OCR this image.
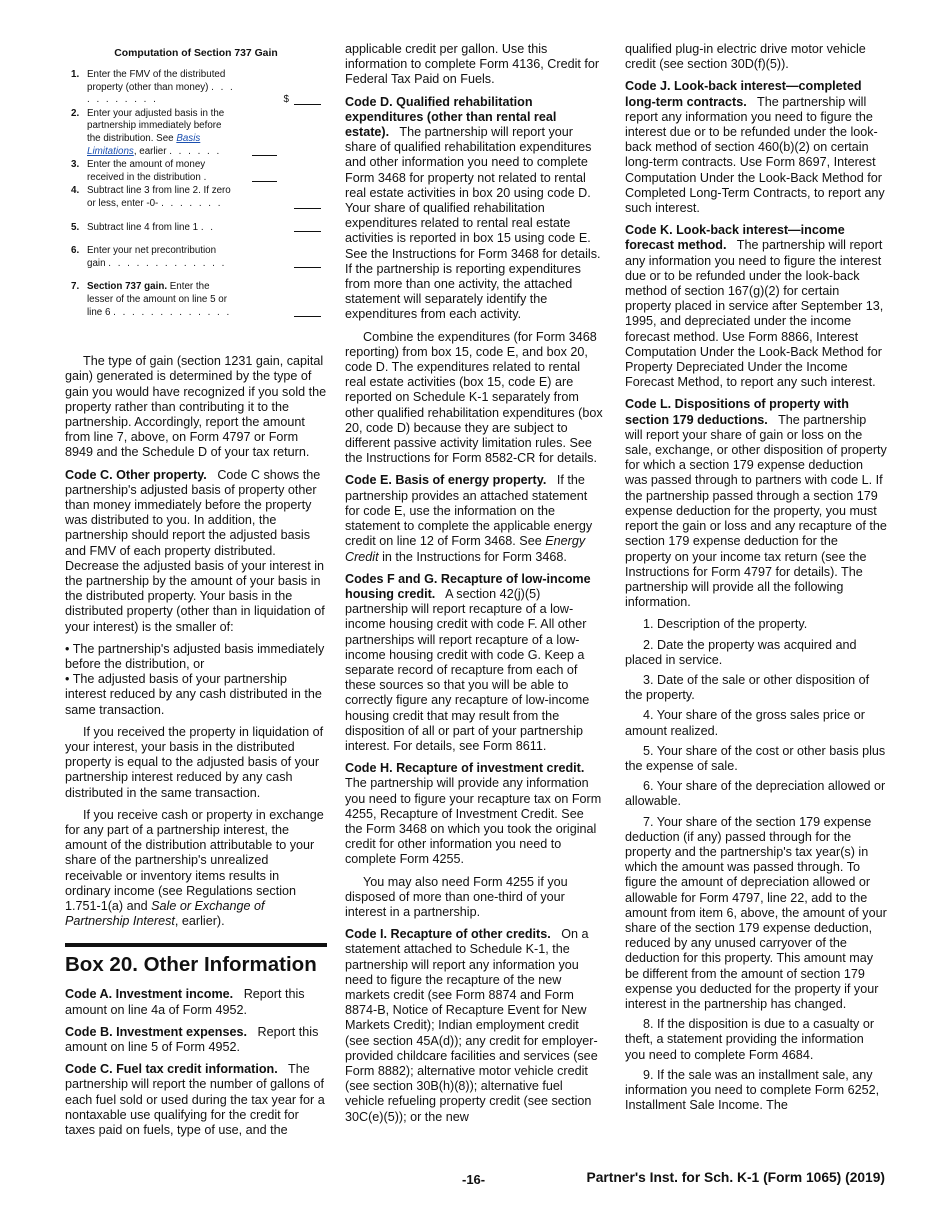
Computation of Section 737 Gain
1. Enter the FMV of the distributed property (other than money) . . . . . . . . . . .	$
2. Enter your adjusted basis in the partnership immediately before the distribution. See Basis Limitations, earlier . . . . . .
3. Enter the amount of money received in the distribution .
4. Subtract line 3 from line 2. If zero or less, enter -0- . . . . . . .
5. Subtract line 4 from line 1 . .
6. Enter your net precontribution gain . . . . . . . . . . . . .
7. Section 737 gain. Enter the lesser of the amount on line 5 or line 6 . . . . . . . . . . . . .

The type of gain (section 1231 gain, capital gain) generated is determined by the type of gain you would have recognized if you sold the property rather than contributing it to the partnership. Accordingly, report the amount from line 7, above, on Form 4797 or Form 8949 and the Schedule D of your tax return.

Code C. Other property. Code C shows the partnership's adjusted basis of property other than money immediately before the property was distributed to you. In addition, the partnership should report the adjusted basis and FMV of each property distributed. Decrease the adjusted basis of your interest in the partnership by the amount of your basis in the distributed property. Your basis in the distributed property (other than in liquidation of your interest) is the smaller of:

• The partnership's adjusted basis immediately before the distribution, or
• The adjusted basis of your partnership interest reduced by any cash distributed in the same transaction.

If you received the property in liquidation of your interest, your basis in the distributed property is equal to the adjusted basis of your partnership interest reduced by any cash distributed in the same transaction.

If you receive cash or property in exchange for any part of a partnership interest, the amount of the distribution attributable to your share of the partnership's unrealized receivable or inventory items results in ordinary income (see Regulations section 1.751-1(a) and Sale or Exchange of Partnership Interest, earlier).

Box 20. Other Information

Code A. Investment income. Report this amount on line 4a of Form 4952.

Code B. Investment expenses. Report this amount on line 5 of Form 4952.

Code C. Fuel tax credit information. The partnership will report the number of gallons of each fuel sold or used during the tax year for a nontaxable use qualifying for the credit for taxes paid on fuels, type of use, and the

applicable credit per gallon. Use this information to complete Form 4136, Credit for Federal Tax Paid on Fuels.

Code D. Qualified rehabilitation expenditures (other than rental real estate). The partnership will report your share of qualified rehabilitation expenditures and other information you need to complete Form 3468 for property not related to rental real estate activities in box 20 using code D. Your share of qualified rehabilitation expenditures related to rental real estate activities is reported in box 15 using code E. See the Instructions for Form 3468 for details. If the partnership is reporting expenditures from more than one activity, the attached statement will separately identify the expenditures from each activity.

Combine the expenditures (for Form 3468 reporting) from box 15, code E, and box 20, code D. The expenditures related to rental real estate activities (box 15, code E) are reported on Schedule K-1 separately from other qualified rehabilitation expenditures (box 20, code D) because they are subject to different passive activity limitation rules. See the Instructions for Form 8582-CR for details.

Code E. Basis of energy property. If the partnership provides an attached statement for code E, use the information on the statement to complete the applicable energy credit on line 12 of Form 3468. See Energy Credit in the Instructions for Form 3468.

Codes F and G. Recapture of low-income housing credit. A section 42(j)(5) partnership will report recapture of a low-income housing credit with code F. All other partnerships will report recapture of a low-income housing credit with code G. Keep a separate record of recapture from each of these sources so that you will be able to correctly figure any recapture of low-income housing credit that may result from the disposition of all or part of your partnership interest. For details, see Form 8611.

Code H. Recapture of investment credit. The partnership will provide any information you need to figure your recapture tax on Form 4255, Recapture of Investment Credit. See the Form 3468 on which you took the original credit for other information you need to complete Form 4255.

You may also need Form 4255 if you disposed of more than one-third of your interest in a partnership.

Code I. Recapture of other credits. On a statement attached to Schedule K-1, the partnership will report any information you need to figure the recapture of the new markets credit (see Form 8874 and Form 8874-B, Notice of Recapture Event for New Markets Credit); Indian employment credit (see section 45A(d)); any credit for employer-provided childcare facilities and services (see Form 8882); alternative motor vehicle credit (see section 30B(h)(8)); alternative fuel vehicle refueling property credit (see section 30C(e)(5)); or the new

qualified plug-in electric drive motor vehicle credit (see section 30D(f)(5)).

Code J. Look-back interest—completed long-term contracts. The partnership will report any information you need to figure the interest due or to be refunded under the look-back method of section 460(b)(2) on certain long-term contracts. Use Form 8697, Interest Computation Under the Look-Back Method for Completed Long-Term Contracts, to report any such interest.

Code K. Look-back interest—income forecast method. The partnership will report any information you need to figure the interest due or to be refunded under the look-back method of section 167(g)(2) for certain property placed in service after September 13, 1995, and depreciated under the income forecast method. Use Form 8866, Interest Computation Under the Look-Back Method for Property Depreciated Under the Income Forecast Method, to report any such interest.

Code L. Dispositions of property with section 179 deductions. The partnership will report your share of gain or loss on the sale, exchange, or other disposition of property for which a section 179 expense deduction was passed through to partners with code L. If the partnership passed through a section 179 expense deduction for the property, you must report the gain or loss and any recapture of the section 179 expense deduction for the property on your income tax return (see the Instructions for Form 4797 for details). The partnership will provide all the following information.

1. Description of the property.

2. Date the property was acquired and placed in service.

3. Date of the sale or other disposition of the property.

4. Your share of the gross sales price or amount realized.

5. Your share of the cost or other basis plus the expense of sale.

6. Your share of the depreciation allowed or allowable.

7. Your share of the section 179 expense deduction (if any) passed through for the property and the partnership's tax year(s) in which the amount was passed through. To figure the amount of depreciation allowed or allowable for Form 4797, line 22, add to the amount from item 6, above, the amount of your share of the section 179 expense deduction, reduced by any unused carryover of the deduction for this property. This amount may be different from the amount of section 179 expense you deducted for the property if your interest in the partnership has changed.

8. If the disposition is due to a casualty or theft, a statement providing the information you need to complete Form 4684.

9. If the sale was an installment sale, any information you need to complete Form 6252, Installment Sale Income. The

-16-	Partner's Inst. for Sch. K-1 (Form 1065) (2019)
